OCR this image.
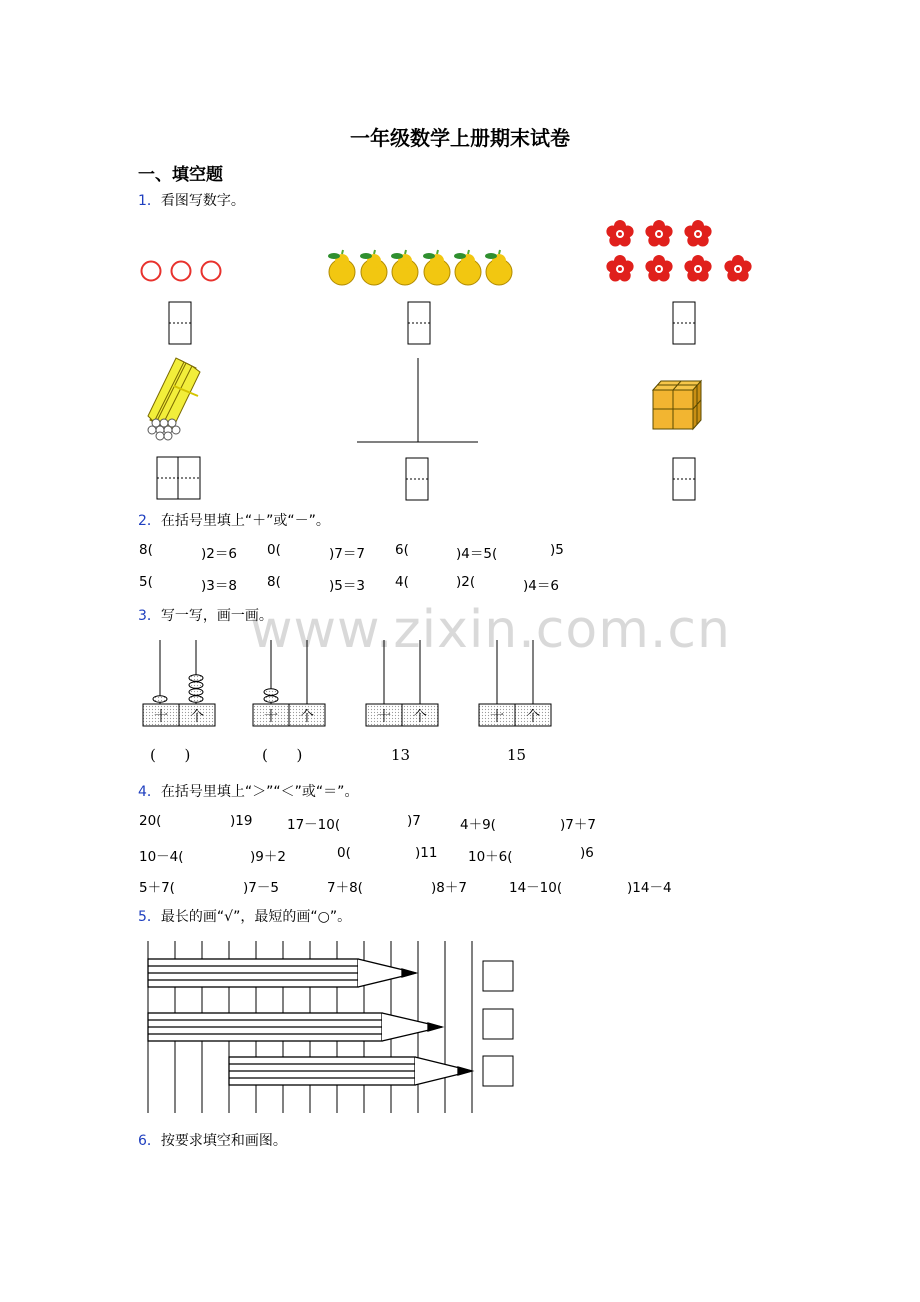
www.zixin.com.cn
一年级数学上册期末试卷
一、填空题
1．看图写数字。
2．在括号里填上“＋”或“－”。
8(	)2＝6 0(	)7＝7 6(	)4＝5(	)5
5(	)3＝8 8(	)5＝3 4(	)2(	)4＝6
3．写一写，画一画。
十	个	十	个	十	个	十	个
(      )	(      )	13	15
4．在括号里填上“＞”“＜”或“＝”。
20(	)19	17－10(	)7	4＋9(	)7＋7
10－4(	)9＋2	0(	)11 10＋6(	)6
5＋7(	)7－5	7＋8(	)8＋7	14－10(	)14－4
5．最长的画“√”，最短的画“○”。
6．按要求填空和画图。
